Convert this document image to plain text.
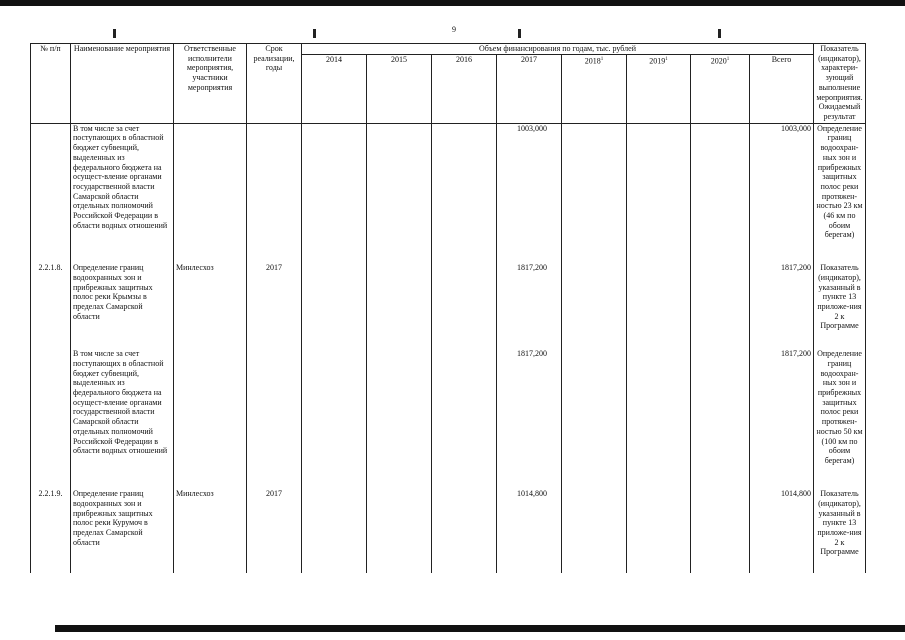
9
№ п/п	Наименование мероприятия	Ответственные исполнители мероприятия, участники мероприятия	Срок реализации, годы	Объем финансирования по годам, тыс. рублей								Показатель (индикатор), характери-зующий выполнение мероприятия. Ожидаемый результат
				2014	2015	2016	2017	2018$^1$	2019$^1$	2020$^1$	Всего	
	В том числе за счет поступающих в областной бюджет субвенций, выделенных из федерального бюджета на осущест-вление органами государственной власти Самарской области отдельных полномочий Российской Федерации в области водных отношений						1003,000				1003,000	Определение границ водоохран-ных зон и прибрежных защитных полос реки протяжен-ностью 23 км (46 км по обоим берегам)
2.2.1.8.	Определение границ водоохранных зон и прибрежных защитных полос реки Крымзы в пределах Самарской области	Минлесхоз	2017				1817,200				1817,200	Показатель (индикатор), указанный в пункте 13 приложе-ния 2 к Программе
	В том числе за счет поступающих в областной бюджет субвенций, выделенных из федерального бюджета на осущест-вление органами государственной власти Самарской области отдельных полномочий Российской Федерации в области водных отношений						1817,200				1817,200	Определение границ водоохран-ных зон и прибрежных защитных полос реки протяжен-ностью 50 км (100 км по обоим берегам)
2.2.1.9.	Определение границ водоохранных зон и прибрежных защитных полос реки Курумоч в пределах Самарской области	Минлесхоз	2017				1014,800				1014,800	Показатель (индикатор), указанный в пункте 13 приложе-ния 2 к Программе
